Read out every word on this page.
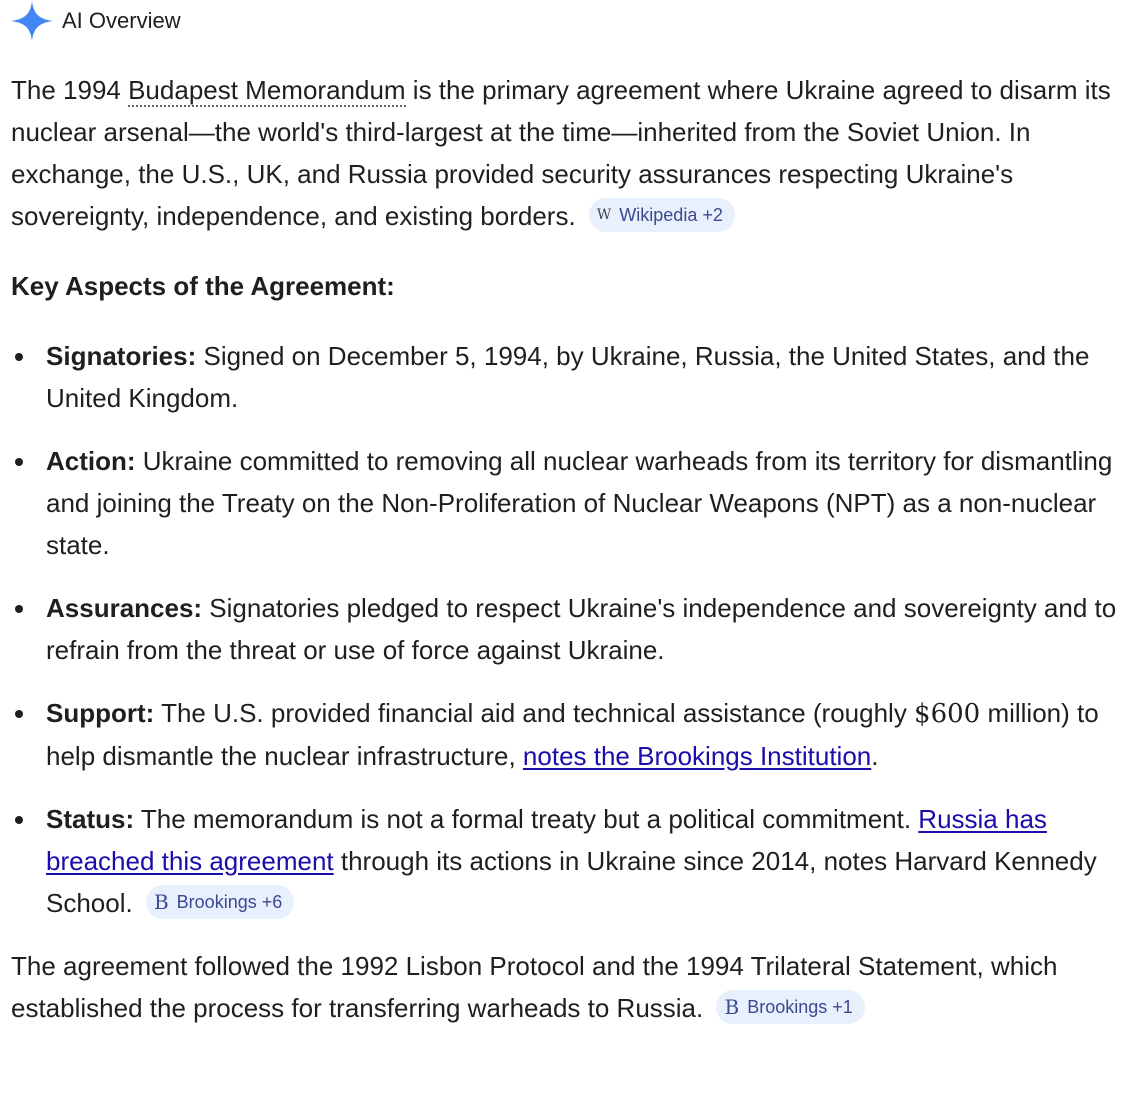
AI Overview

The 1994 Budapest Memorandum is the primary agreement where Ukraine agreed to disarm its nuclear arsenal—the world's third-largest at the time—inherited from the Soviet Union. In exchange, the U.S., UK, and Russia provided security assurances respecting Ukraine's sovereignty, independence, and existing borders. W Wikipedia +2

Key Aspects of the Agreement:

Signatories: Signed on December 5, 1994, by Ukraine, Russia, the United States, and the United Kingdom.
Action: Ukraine committed to removing all nuclear warheads from its territory for dismantling and joining the Treaty on the Non-Proliferation of Nuclear Weapons (NPT) as a non-nuclear state.
Assurances: Signatories pledged to respect Ukraine's independence and sovereignty and to refrain from the threat or use of force against Ukraine.
Support: The U.S. provided financial aid and technical assistance (roughly $600 million) to help dismantle the nuclear infrastructure, notes the Brookings Institution.
Status: The memorandum is not a formal treaty but a political commitment. Russia has breached this agreement through its actions in Ukraine since 2014, notes Harvard Kennedy School. B Brookings +6

The agreement followed the 1992 Lisbon Protocol and the 1994 Trilateral Statement, which established the process for transferring warheads to Russia. B Brookings +1
